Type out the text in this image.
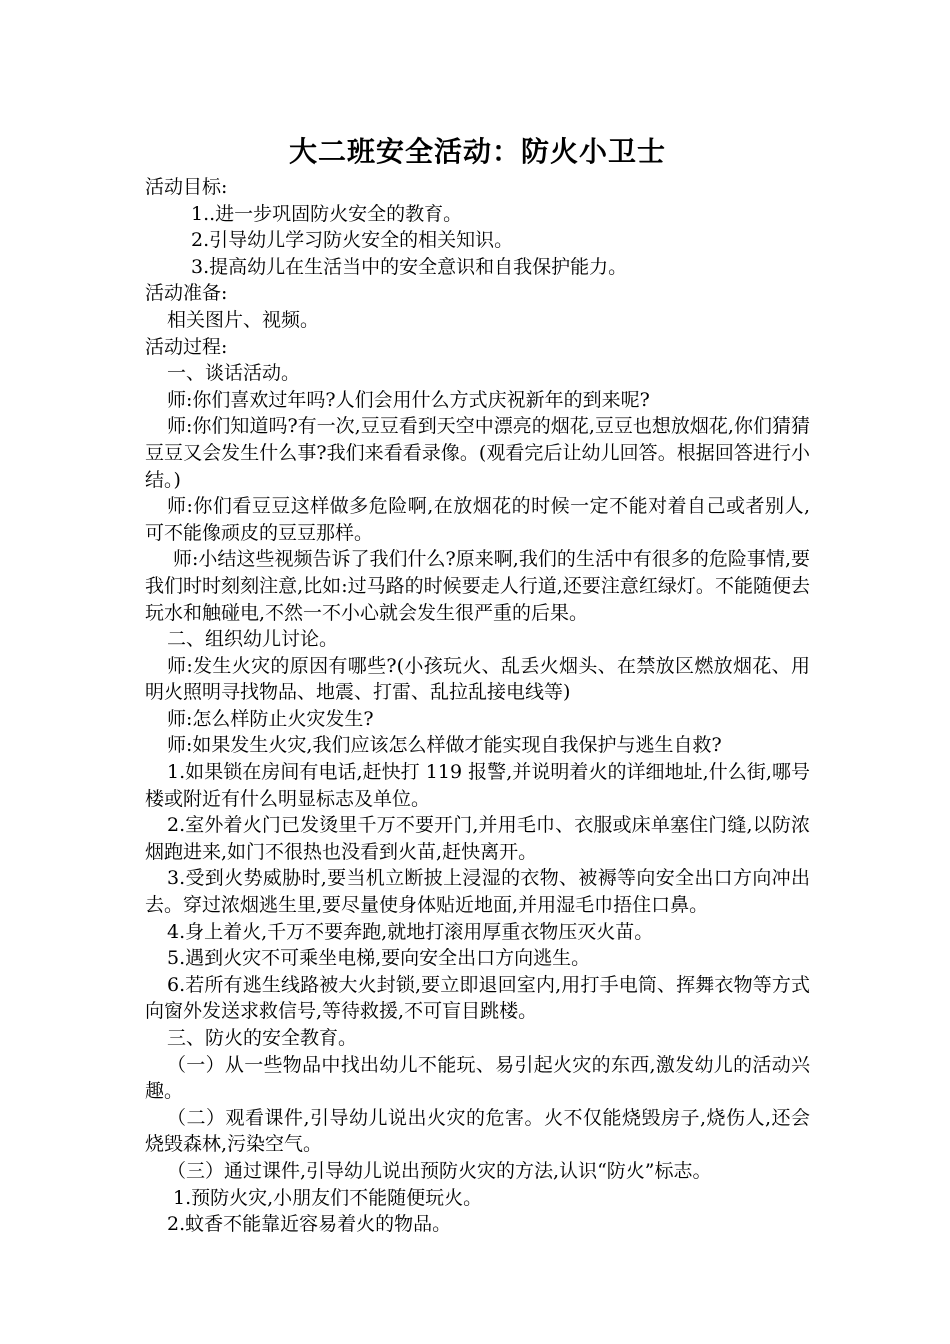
大二班安全活动：防火小卫士

活动目标:

1..进一步巩固防火安全的教育。

2.引导幼儿学习防火安全的相关知识。

3.提高幼儿在生活当中的安全意识和自我保护能力。

活动准备:

相关图片、视频。

活动过程:

一、谈话活动。

师:你们喜欢过年吗?人们会用什么方式庆祝新年的到来呢?

师:你们知道吗?有一次,豆豆看到天空中漂亮的烟花,豆豆也想放烟花,你们猜猜豆豆又会发生什么事?我们来看看录像。(观看完后让幼儿回答。根据回答进行小结。)

师:你们看豆豆这样做多危险啊,在放烟花的时候一定不能对着自己或者别人,可不能像顽皮的豆豆那样。

师:小结这些视频告诉了我们什么?原来啊,我们的生活中有很多的危险事情,要我们时时刻刻注意,比如:过马路的时候要走人行道,还要注意红绿灯。不能随便去玩水和触碰电,不然一不小心就会发生很严重的后果。

二、组织幼儿讨论。

师:发生火灾的原因有哪些?(小孩玩火、乱丢火烟头、在禁放区燃放烟花、用明火照明寻找物品、地震、打雷、乱拉乱接电线等)

师:怎么样防止火灾发生?

师:如果发生火灾,我们应该怎么样做才能实现自我保护与逃生自救?

1.如果锁在房间有电话,赶快打 119 报警,并说明着火的详细地址,什么街,哪号楼或附近有什么明显标志及单位。

2.室外着火门已发烫里千万不要开门,并用毛巾、衣服或床单塞住门缝,以防浓烟跑进来,如门不很热也没看到火苗,赶快离开。

3.受到火势威胁时,要当机立断披上浸湿的衣物、被褥等向安全出口方向冲出去。穿过浓烟逃生里,要尽量使身体贴近地面,并用湿毛巾捂住口鼻。

4.身上着火,千万不要奔跑,就地打滚用厚重衣物压灭火苗。

5.遇到火灾不可乘坐电梯,要向安全出口方向逃生。

6.若所有逃生线路被大火封锁,要立即退回室内,用打手电筒、挥舞衣物等方式向窗外发送求救信号,等待救援,不可盲目跳楼。

三、防火的安全教育。

（一）从一些物品中找出幼儿不能玩、易引起火灾的东西,激发幼儿的活动兴趣。

（二）观看课件,引导幼儿说出火灾的危害。火不仅能烧毁房子,烧伤人,还会烧毁森林,污染空气。

（三）通过课件,引导幼儿说出预防火灾的方法,认识“防火”标志。

1.预防火灾,小朋友们不能随便玩火。

2.蚊香不能靠近容易着火的物品。
